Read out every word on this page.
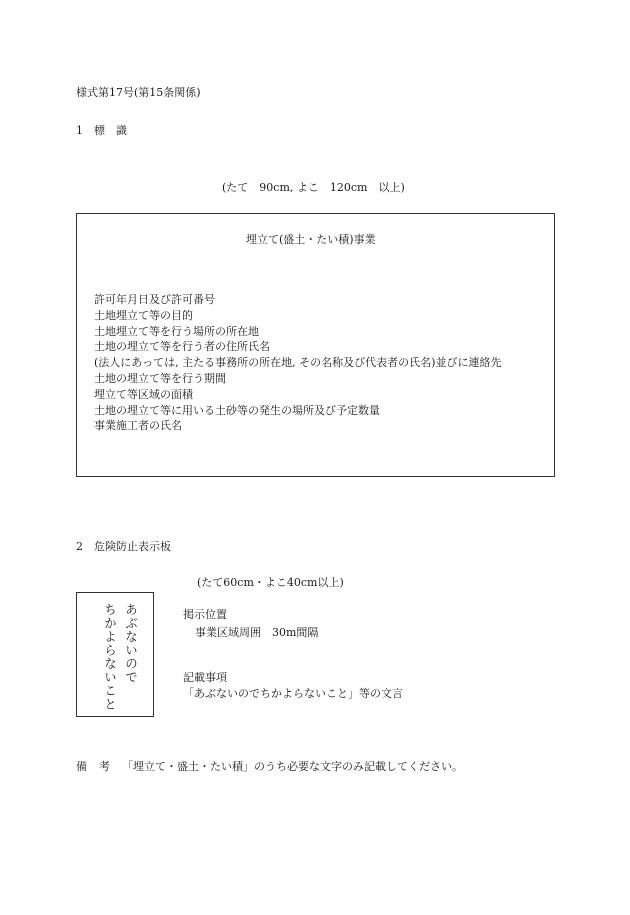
様式第17号(第15条関係)
1　標　識
(たて　90cm, よこ　120cm　以上)
埋立て(盛土・たい積)事業
許可年月日及び許可番号
土地埋立て等の目的
土地埋立て等を行う場所の所在地
土地の埋立て等を行う者の住所氏名
(法人にあっては, 主たる事務所の所在地, その名称及び代表者の氏名)並びに連絡先
土地の埋立て等を行う期間
埋立て等区域の面積
土地の埋立て等に用いる土砂等の発生の場所及び予定数量
事業施工者の氏名
2　危険防止表示板
(たて60cm・よこ40cm以上)
あぶないので
ちかよらないこと	掲示位置
事業区域周囲　30m間隔
記載事項
「あぶないのでちかよらないこと」等の文言
備考「埋立て・盛土・たい積」のうち必要な文字のみ記載してください。
